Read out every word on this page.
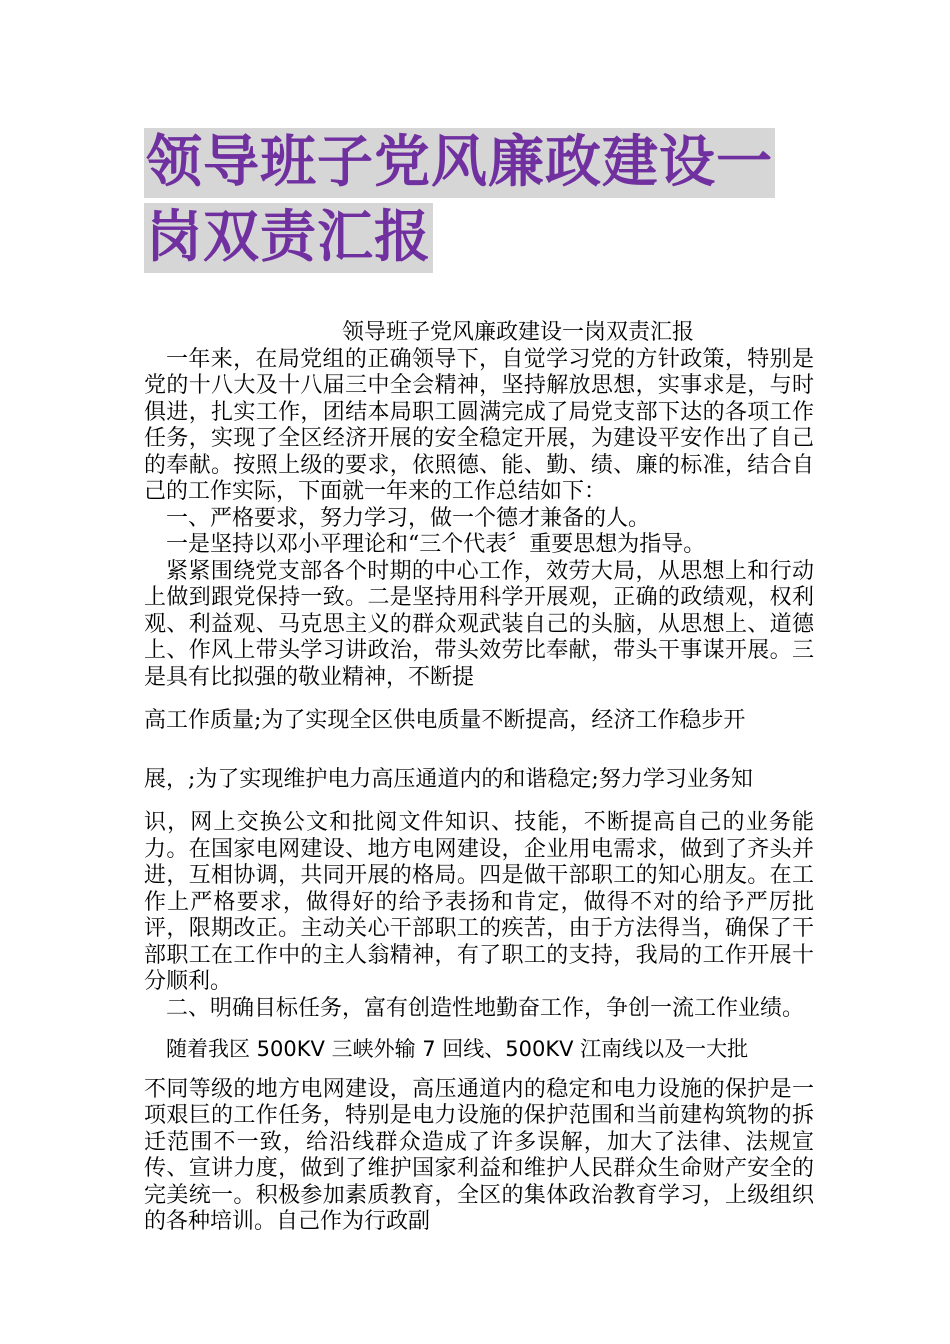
领导班子党风廉政建设一
岗双责汇报

领导班子党风廉政建设一岗双责汇报

一年来，在局党组的正确领导下，自觉学习党的方针政策，特别是党的十八大及十八届三中全会精神，坚持解放思想，实事求是，与时俱进，扎实工作，团结本局职工圆满完成了局党支部下达的各项工作任务，实现了全区经济开展的安全稳定开展，为建设平安作出了自己的奉献。按照上级的要求，依照德、能、勤、绩、廉的标准，结合自己的工作实际，下面就一年来的工作总结如下：

一、严格要求，努力学习，做一个德才兼备的人。

一是坚持以邓小平理论和“三个代表〞重要思想为指导。

紧紧围绕党支部各个时期的中心工作，效劳大局，从思想上和行动上做到跟党保持一致。二是坚持用科学开展观，正确的政绩观，权利观、利益观、马克思主义的群众观武装自己的头脑，从思想上、道德上、作风上带头学习讲政治，带头效劳比奉献，带头干事谋开展。三是具有比拟强的敬业精神，不断提

高工作质量;为了实现全区供电质量不断提高，经济工作稳步开

展，;为了实现维护电力高压通道内的和谐稳定;努力学习业务知

识，网上交换公文和批阅文件知识、技能，不断提高自己的业务能力。在国家电网建设、地方电网建设，企业用电需求，做到了齐头并进，互相协调，共同开展的格局。四是做干部职工的知心朋友。在工作上严格要求，做得好的给予表扬和肯定，做得不对的给予严厉批评，限期改正。主动关心干部职工的疾苦，由于方法得当，确保了干部职工在工作中的主人翁精神，有了职工的支持，我局的工作开展十分顺利。

二、明确目标任务，富有创造性地勤奋工作，争创一流工作业绩。

随着我区 500KV 三峡外输 7 回线、500KV 江南线以及一大批

不同等级的地方电网建设，高压通道内的稳定和电力设施的保护是一项艰巨的工作任务，特别是电力设施的保护范围和当前建构筑物的拆迁范围不一致，给沿线群众造成了许多误解，加大了法律、法规宣传、宣讲力度，做到了维护国家利益和维护人民群众生命财产安全的完美统一。积极参加素质教育，全区的集体政治教育学习，上级组织的各种培训。自己作为行政副
